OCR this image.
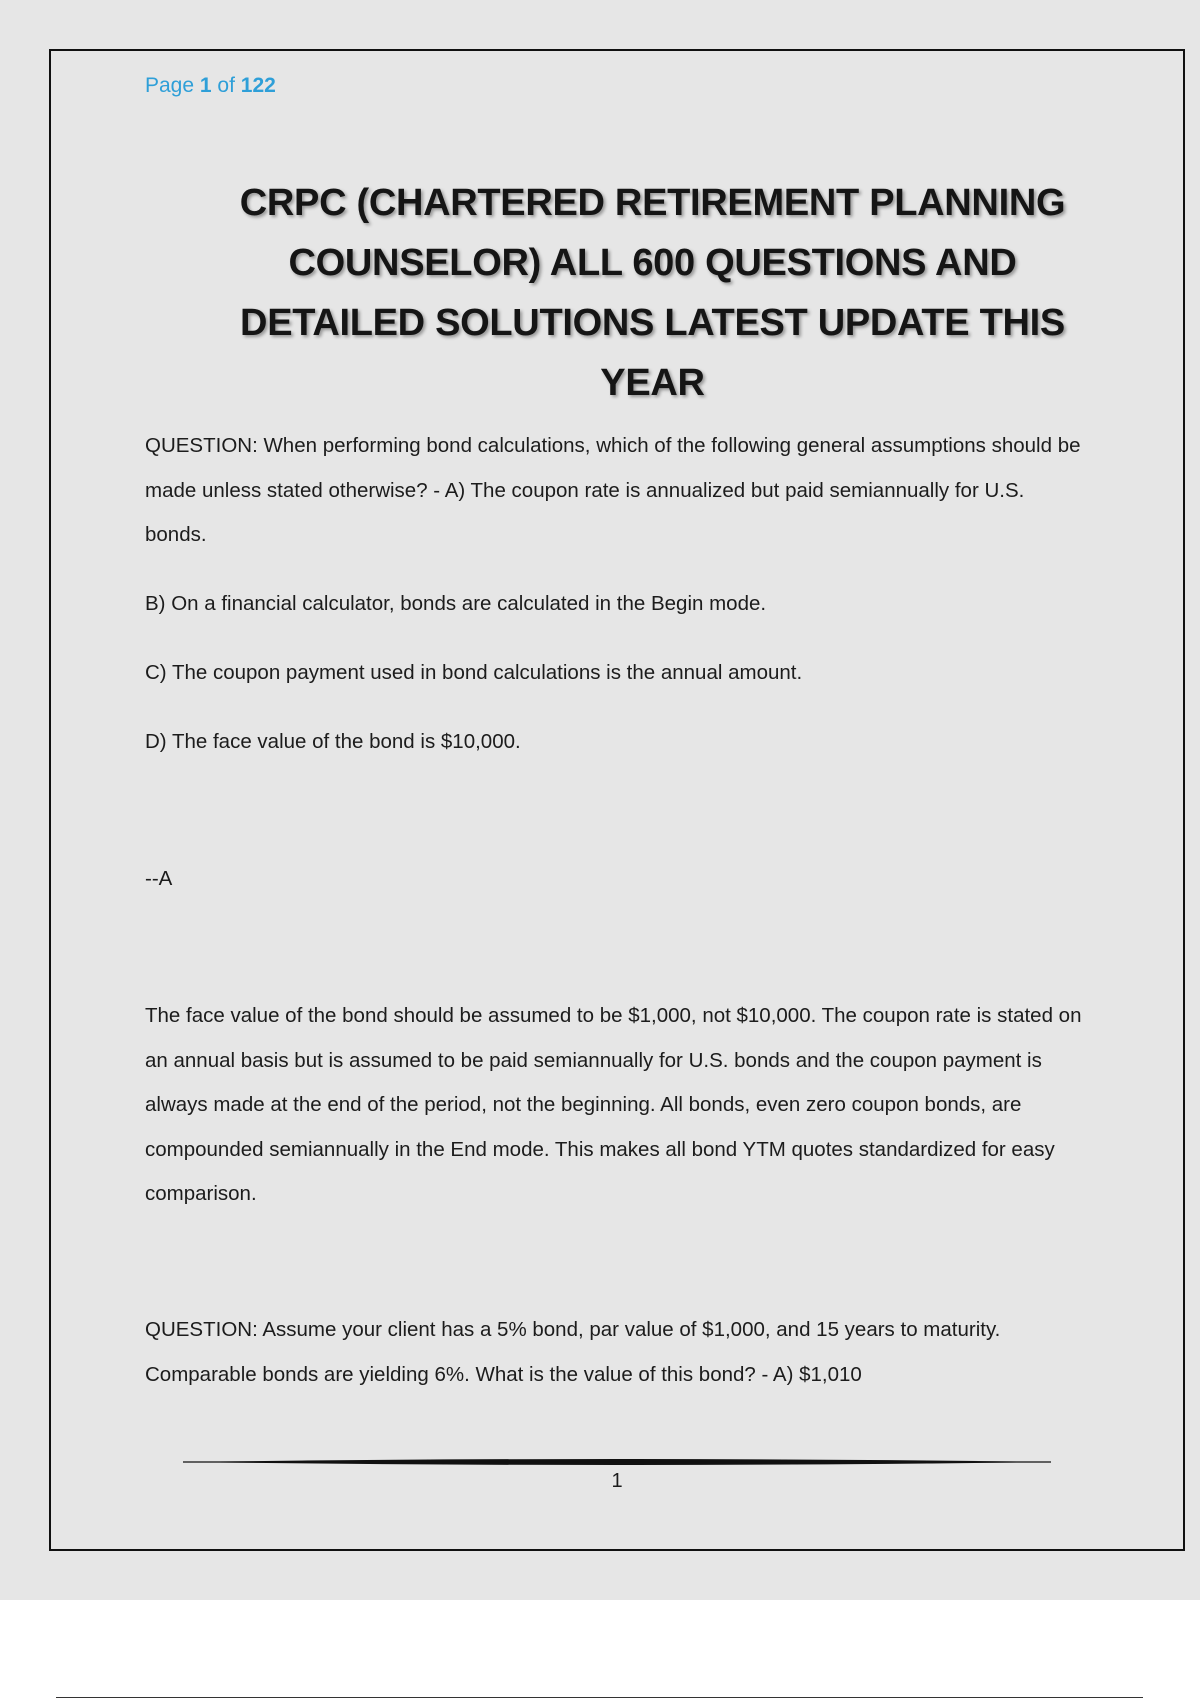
Page 1 of 122
CRPC (CHARTERED RETIREMENT PLANNING COUNSELOR) ALL 600 QUESTIONS AND DETAILED SOLUTIONS LATEST UPDATE THIS YEAR
QUESTION: When performing bond calculations, which of the following general assumptions should be made unless stated otherwise? - A) The coupon rate is annualized but paid semiannually for U.S. bonds.
B) On a financial calculator, bonds are calculated in the Begin mode.
C) The coupon payment used in bond calculations is the annual amount.
D) The face value of the bond is $10,000.
--A
The face value of the bond should be assumed to be $1,000, not $10,000. The coupon rate is stated on an annual basis but is assumed to be paid semiannually for U.S. bonds and the coupon payment is always made at the end of the period, not the beginning. All bonds, even zero coupon bonds, are compounded semiannually in the End mode. This makes all bond YTM quotes standardized for easy comparison.
QUESTION: Assume your client has a 5% bond, par value of $1,000, and 15 years to maturity. Comparable bonds are yielding 6%. What is the value of this bond? - A) $1,010
1
